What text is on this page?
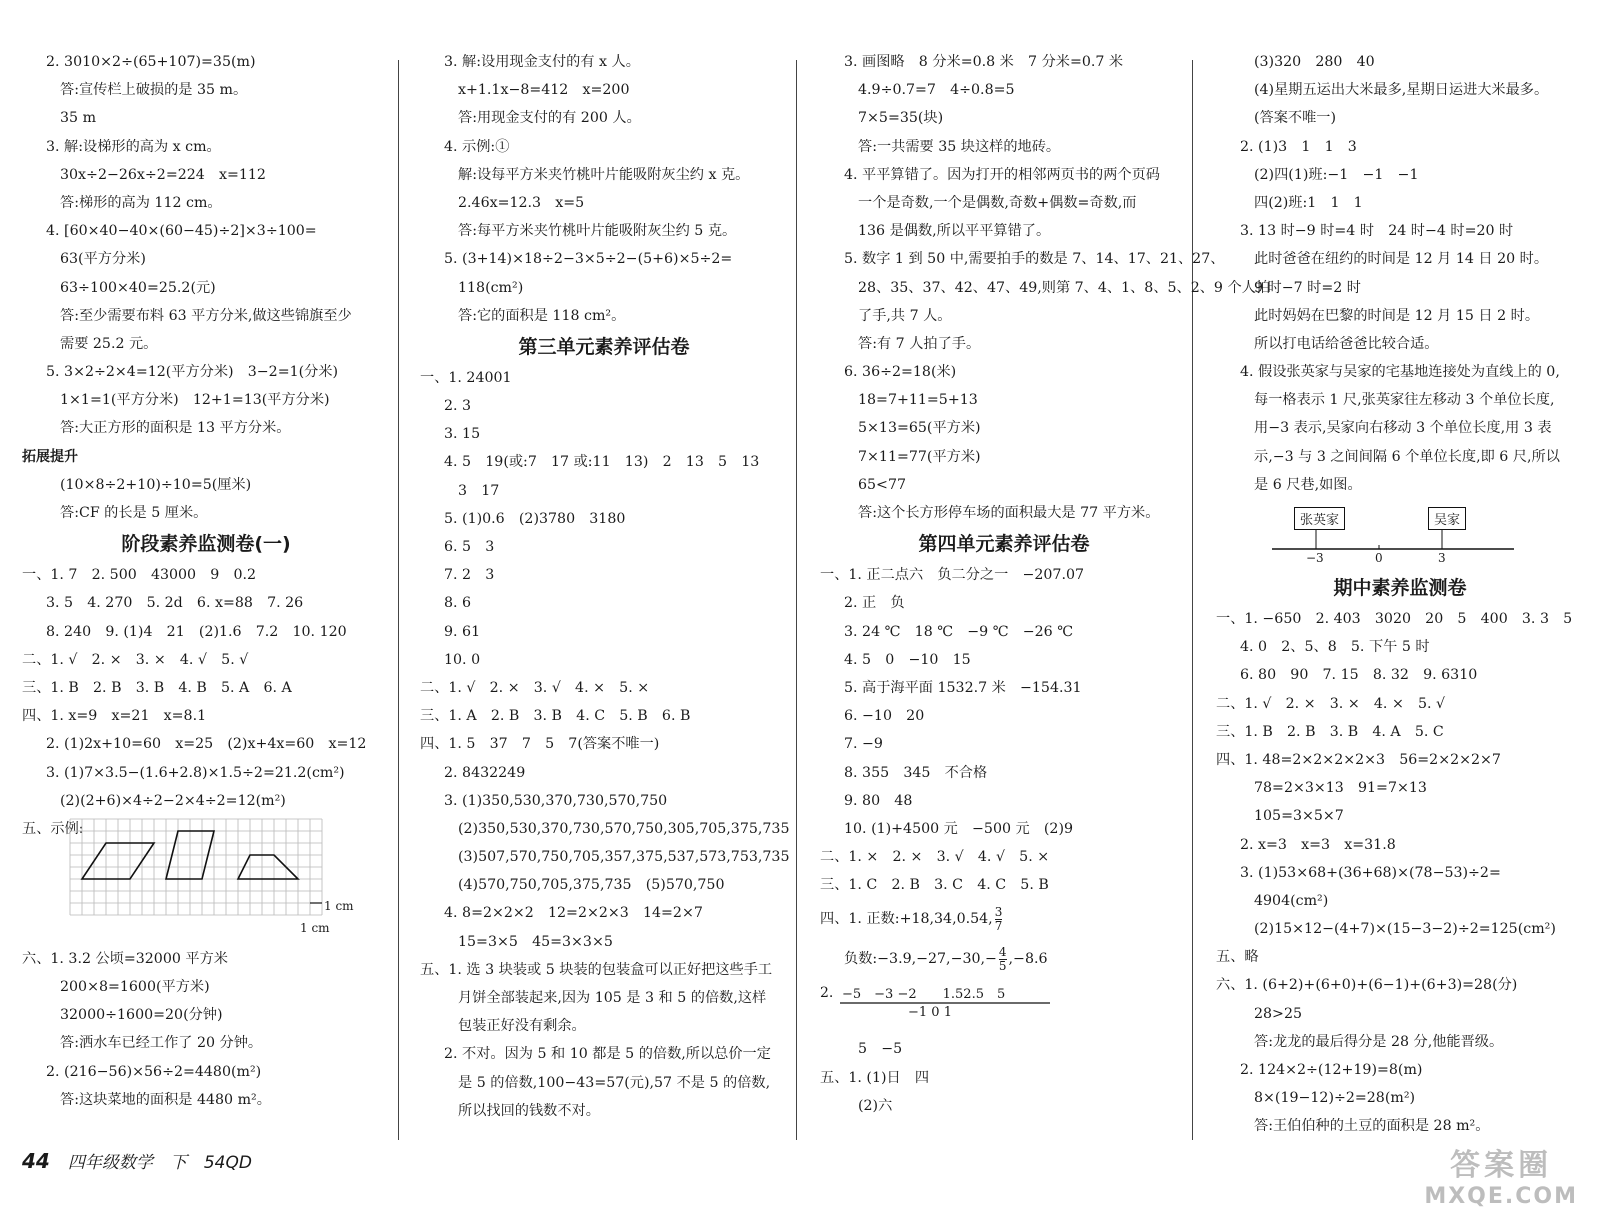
2. 3010×2÷(65+107)=35(m)
答:宣传栏上破损的是 35 m。
35 m
3. 解:设梯形的高为 x cm。
30x÷2−26x÷2=224　x=112
答:梯形的高为 112 cm。
4. [60×40−40×(60−45)÷2]×3÷100=
63(平方分米)
63÷100×40=25.2(元)
答:至少需要布料 63 平方分米,做这些锦旗至少
需要 25.2 元。
5. 3×2÷2×4=12(平方分米)　3−2=1(分米)
1×1=1(平方分米)　12+1=13(平方分米)
答:大正方形的面积是 13 平方分米。
拓展提升
(10×8÷2+10)÷10=5(厘米)
答:CF 的长是 5 厘米。
阶段素养监测卷(一)
一、1. 7　2. 500　43000　9　0.2
3. 5　4. 270　5. 2d　6. x=88　7. 26
8. 240　9. (1)4　21　(2)1.6　7.2　10. 120
二、1. √　2. ×　3. ×　4. √　5. √
三、1. B　2. B　3. B　4. B　5. A　6. A
四、1. x=9　x=21　x=8.1
2. (1)2x+10=60　x=25　(2)x+4x=60　x=12
3. (1)7×3.5−(1.6+2.8)×1.5÷2=21.2(cm²)
(2)(2+6)×4÷2−2×4÷2=12(m²)
五、示例:
1 cm
1 cm
六、1. 3.2 公顷=32000 平方米
200×8=1600(平方米)
32000÷1600=20(分钟)
答:洒水车已经工作了 20 分钟。
2. (216−56)×56÷2=4480(m²)
答:这块菜地的面积是 4480 m²。
3. 解:设用现金支付的有 x 人。
x+1.1x−8=412　x=200
答:用现金支付的有 200 人。
4. 示例:①
解:设每平方米夹竹桃叶片能吸附灰尘约 x 克。
2.46x=12.3　x=5
答:每平方米夹竹桃叶片能吸附灰尘约 5 克。
5. (3+14)×18÷2−3×5÷2−(5+6)×5÷2=
118(cm²)
答:它的面积是 118 cm²。
第三单元素养评估卷
一、1. 24001
2. 3
3. 15
4. 5　19(或:7　17 或:11　13)　2　13　5　13
3　17
5. (1)0.6　(2)3780　3180
6. 5　3
7. 2　3
8. 6
9. 61
10. 0
二、1. √　2. ×　3. √　4. ×　5. ×
三、1. A　2. B　3. B　4. C　5. B　6. B
四、1. 5　37　7　5　7(答案不唯一)
2. 8432249
3. (1)350,530,370,730,570,750
(2)350,530,370,730,570,750,305,705,375,735
(3)507,570,750,705,357,375,537,573,753,735
(4)570,750,705,375,735　(5)570,750
4. 8=2×2×2　12=2×2×3　14=2×7
15=3×5　45=3×3×5
五、1. 选 3 块装或 5 块装的包装盒可以正好把这些手工
月饼全部装起来,因为 105 是 3 和 5 的倍数,这样
包装正好没有剩余。
2. 不对。因为 5 和 10 都是 5 的倍数,所以总价一定
是 5 的倍数,100−43=57(元),57 不是 5 的倍数,
所以找回的钱数不对。
3. 画图略　8 分米=0.8 米　7 分米=0.7 米
4.9÷0.7=7　4÷0.8=5
7×5=35(块)
答:一共需要 35 块这样的地砖。
4. 平平算错了。因为打开的相邻两页书的两个页码
一个是奇数,一个是偶数,奇数+偶数=奇数,而
136 是偶数,所以平平算错了。
5. 数字 1 到 50 中,需要拍手的数是 7、14、17、21、27、
28、35、37、42、47、49,则第 7、4、1、8、5、2、9 个人拍
了手,共 7 人。
答:有 7 人拍了手。
6. 36÷2=18(米)
18=7+11=5+13
5×13=65(平方米)
7×11=77(平方米)
65<77
答:这个长方形停车场的面积最大是 77 平方米。
第四单元素养评估卷
一、1. 正二点六　负二分之一　−207.07
2. 正　负
3. 24 ℃　18 ℃　−9 ℃　−26 ℃
4. 5　0　−10　15
5. 高于海平面 1532.7 米　−154.31
6. −10　20
7. −9
8. 355　345　不合格
9. 80　48
10. (1)+4500 元　−500 元　(2)9
二、1. ×　2. ×　3. √　4. √　5. ×
三、1. C　2. B　3. C　4. C　5. B
四、1. 正数:+18,34,0.54, $\frac{3}{7}$
负数:−3.9,−27,−30,− $\frac{4}{5} ,-8.6$
2. −5　−3 −2　　1.52.5　5
−1 0 1
5　−5
五、1. (1)日　四
(2)六
(3)320　280　40
(4)星期五运出大米最多,星期日运进大米最多。
(答案不唯一)
2. (1)3　1　1　3
(2)四(1)班:−1　−1　−1
四(2)班:1　1　1
3. 13 时−9 时=4 时　24 时−4 时=20 时
此时爸爸在纽约的时间是 12 月 14 日 20 时。
9 时−7 时=2 时
此时妈妈在巴黎的时间是 12 月 15 日 2 时。
所以打电话给爸爸比较合适。
4. 假设张英家与吴家的宅基地连接处为直线上的 0,
每一格表示 1 尺,张英家往左移动 3 个单位长度,
用−3 表示,吴家向右移动 3 个单位长度,用 3 表
示,−3 与 3 之间间隔 6 个单位长度,即 6 尺,所以
是 6 尺巷,如图。
张英家	吴家
−3	0	3
期中素养监测卷
一、1. −650　2. 403　3020　20　5　400　3. 3　5
4. 0　2、5、8　5. 下午 5 时
6. 80　90　7. 15　8. 32　9. 6310
二、1. √　2. ×　3. ×　4. ×　5. √
三、1. B　2. B　3. B　4. A　5. C
四、1. 48=2×2×2×2×3　56=2×2×2×7
78=2×3×13　91=7×13
105=3×5×7
2. x=3　x=3　x=31.8
3. (1)53×68+(36+68)×(78−53)÷2=
4904(cm²)
(2)15×12−(4+7)×(15−3−2)÷2=125(cm²)
五、略
六、1. (6+2)+(6+0)+(6−1)+(6+3)=28(分)
28>25
答:龙龙的最后得分是 28 分,他能晋级。
2. 124×2÷(12+19)=8(m)
8×(19−12)÷2=28(m²)
答:王伯伯种的土豆的面积是 28 m²。
44 四年级数学　下　54QD	答案圈
MXQE.COM
